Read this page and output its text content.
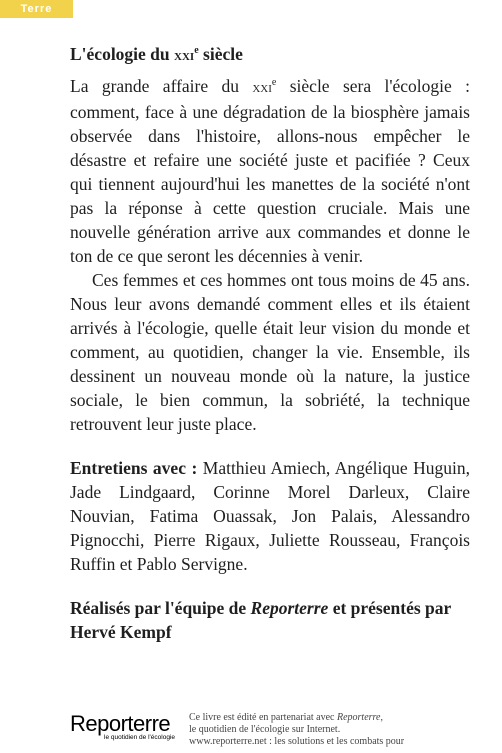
Terre
L'écologie du xxi$^e$ siècle

La grande affaire du xxi$^e$ siècle sera l'écologie : comment, face à une dégradation de la biosphère jamais observée dans l'histoire, allons-nous empêcher le désastre et refaire une société juste et pacifiée ? Ceux qui tiennent aujourd'hui les manettes de la société n'ont pas la réponse à cette question cruciale. Mais une nouvelle génération arrive aux commandes et donne le ton de ce que seront les décennies à venir.

Ces femmes et ces hommes ont tous moins de 45 ans. Nous leur avons demandé comment elles et ils étaient arrivés à l'écologie, quelle était leur vision du monde et comment, au quotidien, changer la vie. Ensemble, ils dessinent un nouveau monde où la nature, la justice sociale, le bien commun, la sobriété, la technique retrouvent leur juste place.

Entretiens avec : Matthieu Amiech, Angélique Huguin, Jade Lindgaard, Corinne Morel Darleux, Claire Nouvian, Fatima Ouassak, Jon Palais, Alessandro Pignocchi, Pierre Rigaux, Juliette Rousseau, François Ruffin et Pablo Servigne.
Réalisés par l'équipe de Reporterre et présentés par Hervé Kempf
Reporterre
le quotidien de l'écologie
Ce livre est édité en partenariat avec Reporterre,
le quotidien de l'écologie sur Internet.
www.reporterre.net : les solutions et les combats pour
